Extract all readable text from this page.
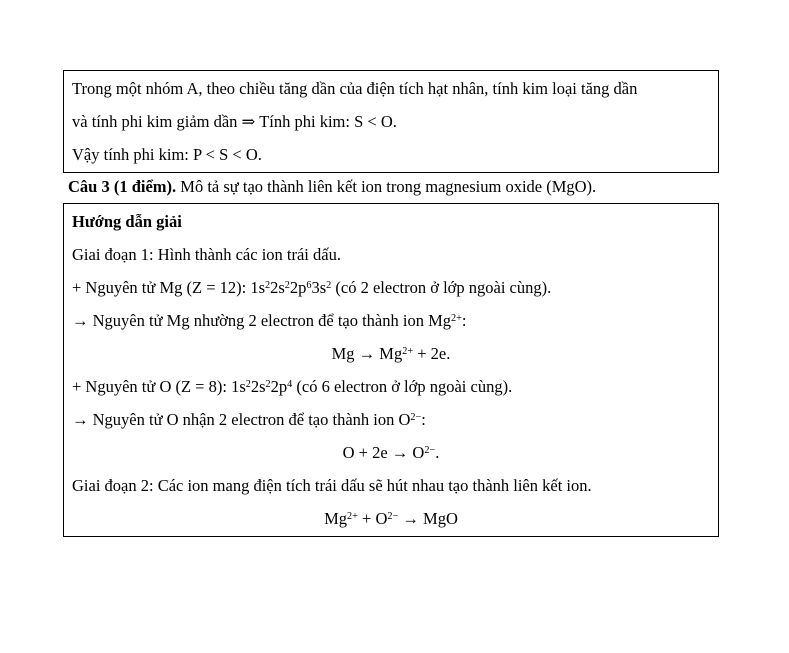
Trong một nhóm A, theo chiều tăng dần của điện tích hạt nhân, tính kim loại tăng dần

và tính phi kim giảm dần ⇒ Tính phi kim: S < O.

Vậy tính phi kim: P < S < O.

Câu 3 (1 điểm). Mô tả sự tạo thành liên kết ion trong magnesium oxide (MgO).

Hướng dẫn giải

Giai đoạn 1: Hình thành các ion trái dấu.

+ Nguyên tử Mg (Z = 12): $1s^22s^22p^63s^2$ (có 2 electron ở lớp ngoài cùng).

→ Nguyên tử Mg nhường 2 electron để tạo thành ion $Mg^{2+}$:

$Mg \to Mg^{2+} + 2e$.

+ Nguyên tử O (Z = 8): $1s^22s^22p^4$ (có 6 electron ở lớp ngoài cùng).

→ Nguyên tử O nhận 2 electron để tạo thành ion $O^{2-}$:

$O + 2e \to O^{2-}$.

Giai đoạn 2: Các ion mang điện tích trái dấu sẽ hút nhau tạo thành liên kết ion.

$Mg^{2+} + O^{2-}$ → MgO
